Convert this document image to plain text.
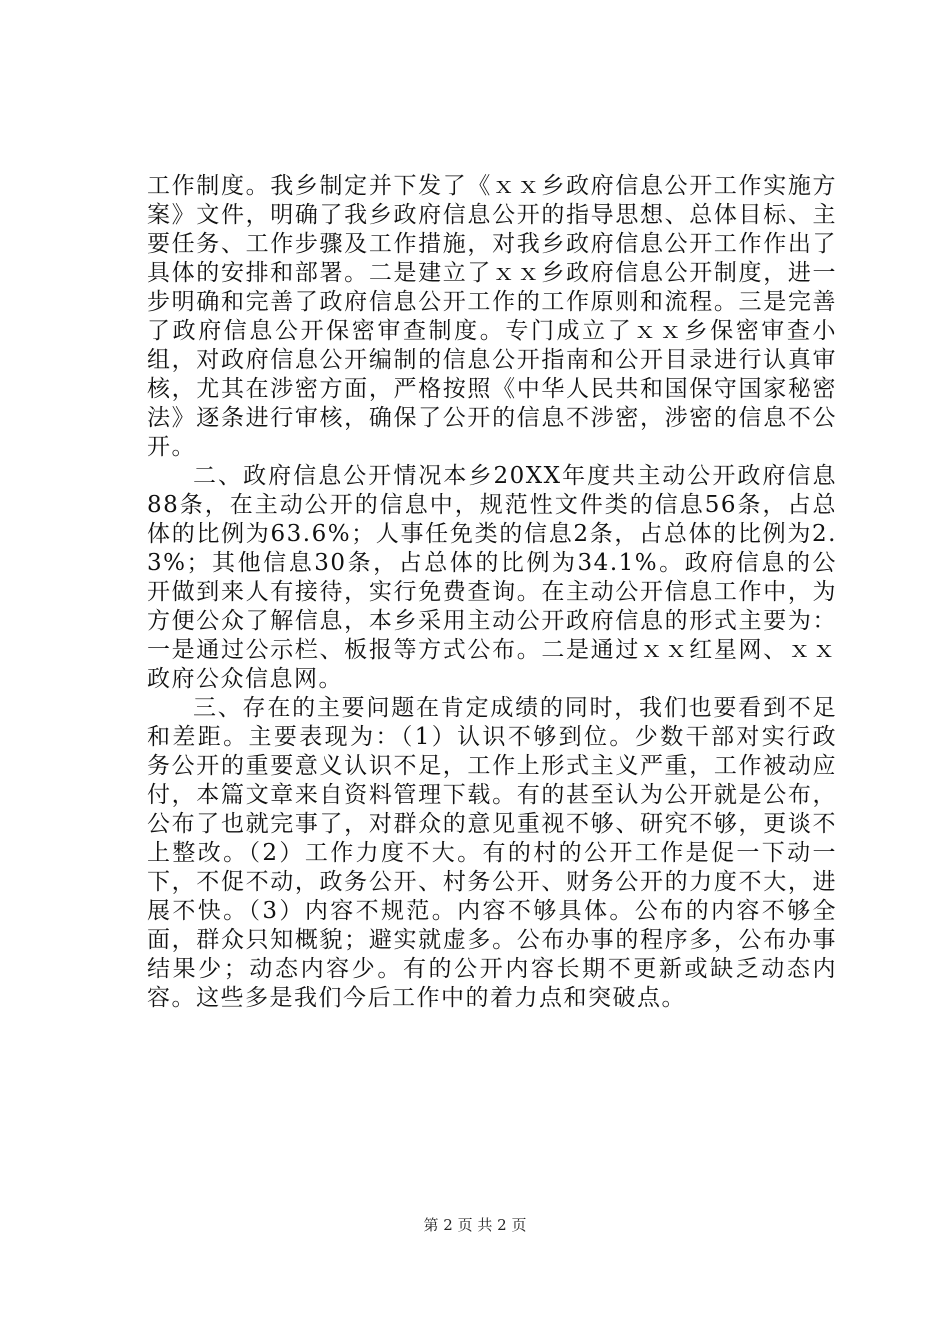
工作制度。我乡制定并下发了《ｘｘ乡政府信息公开工作实施方案》文件，明确了我乡政府信息公开的指导思想、总体目标、主要任务、工作步骤及工作措施，对我乡政府信息公开工作作出了具体的安排和部署。二是建立了ｘｘ乡政府信息公开制度，进一步明确和完善了政府信息公开工作的工作原则和流程。三是完善了政府信息公开保密审查制度。专门成立了ｘｘ乡保密审查小组，对政府信息公开编制的信息公开指南和公开目录进行认真审核，尤其在涉密方面，严格按照《中华人民共和国保守国家秘密法》逐条进行审核，确保了公开的信息不涉密，涉密的信息不公开。

二、政府信息公开情况本乡20XX年度共主动公开政府信息88条，在主动公开的信息中，规范性文件类的信息56条，占总体的比例为63.6%；人事任免类的信息2条，占总体的比例为2.3%；其他信息30条，占总体的比例为34.1%。政府信息的公开做到来人有接待，实行免费查询。在主动公开信息工作中，为方便公众了解信息，本乡采用主动公开政府信息的形式主要为：一是通过公示栏、板报等方式公布。二是通过ｘｘ红星网、ｘｘ政府公众信息网。

三、存在的主要问题在肯定成绩的同时，我们也要看到不足和差距。主要表现为：（1）认识不够到位。少数干部对实行政务公开的重要意义认识不足，工作上形式主义严重，工作被动应付，本篇文章来自资料管理下载。有的甚至认为公开就是公布，公布了也就完事了，对群众的意见重视不够、研究不够，更谈不上整改。（2）工作力度不大。有的村的公开工作是促一下动一下，不促不动，政务公开、村务公开、财务公开的力度不大，进展不快。（3）内容不规范。内容不够具体。公布的内容不够全面，群众只知概貌；避实就虚多。公布办事的程序多，公布办事结果少；动态内容少。有的公开内容长期不更新或缺乏动态内容。这些多是我们今后工作中的着力点和突破点。

第 2 页 共 2 页
